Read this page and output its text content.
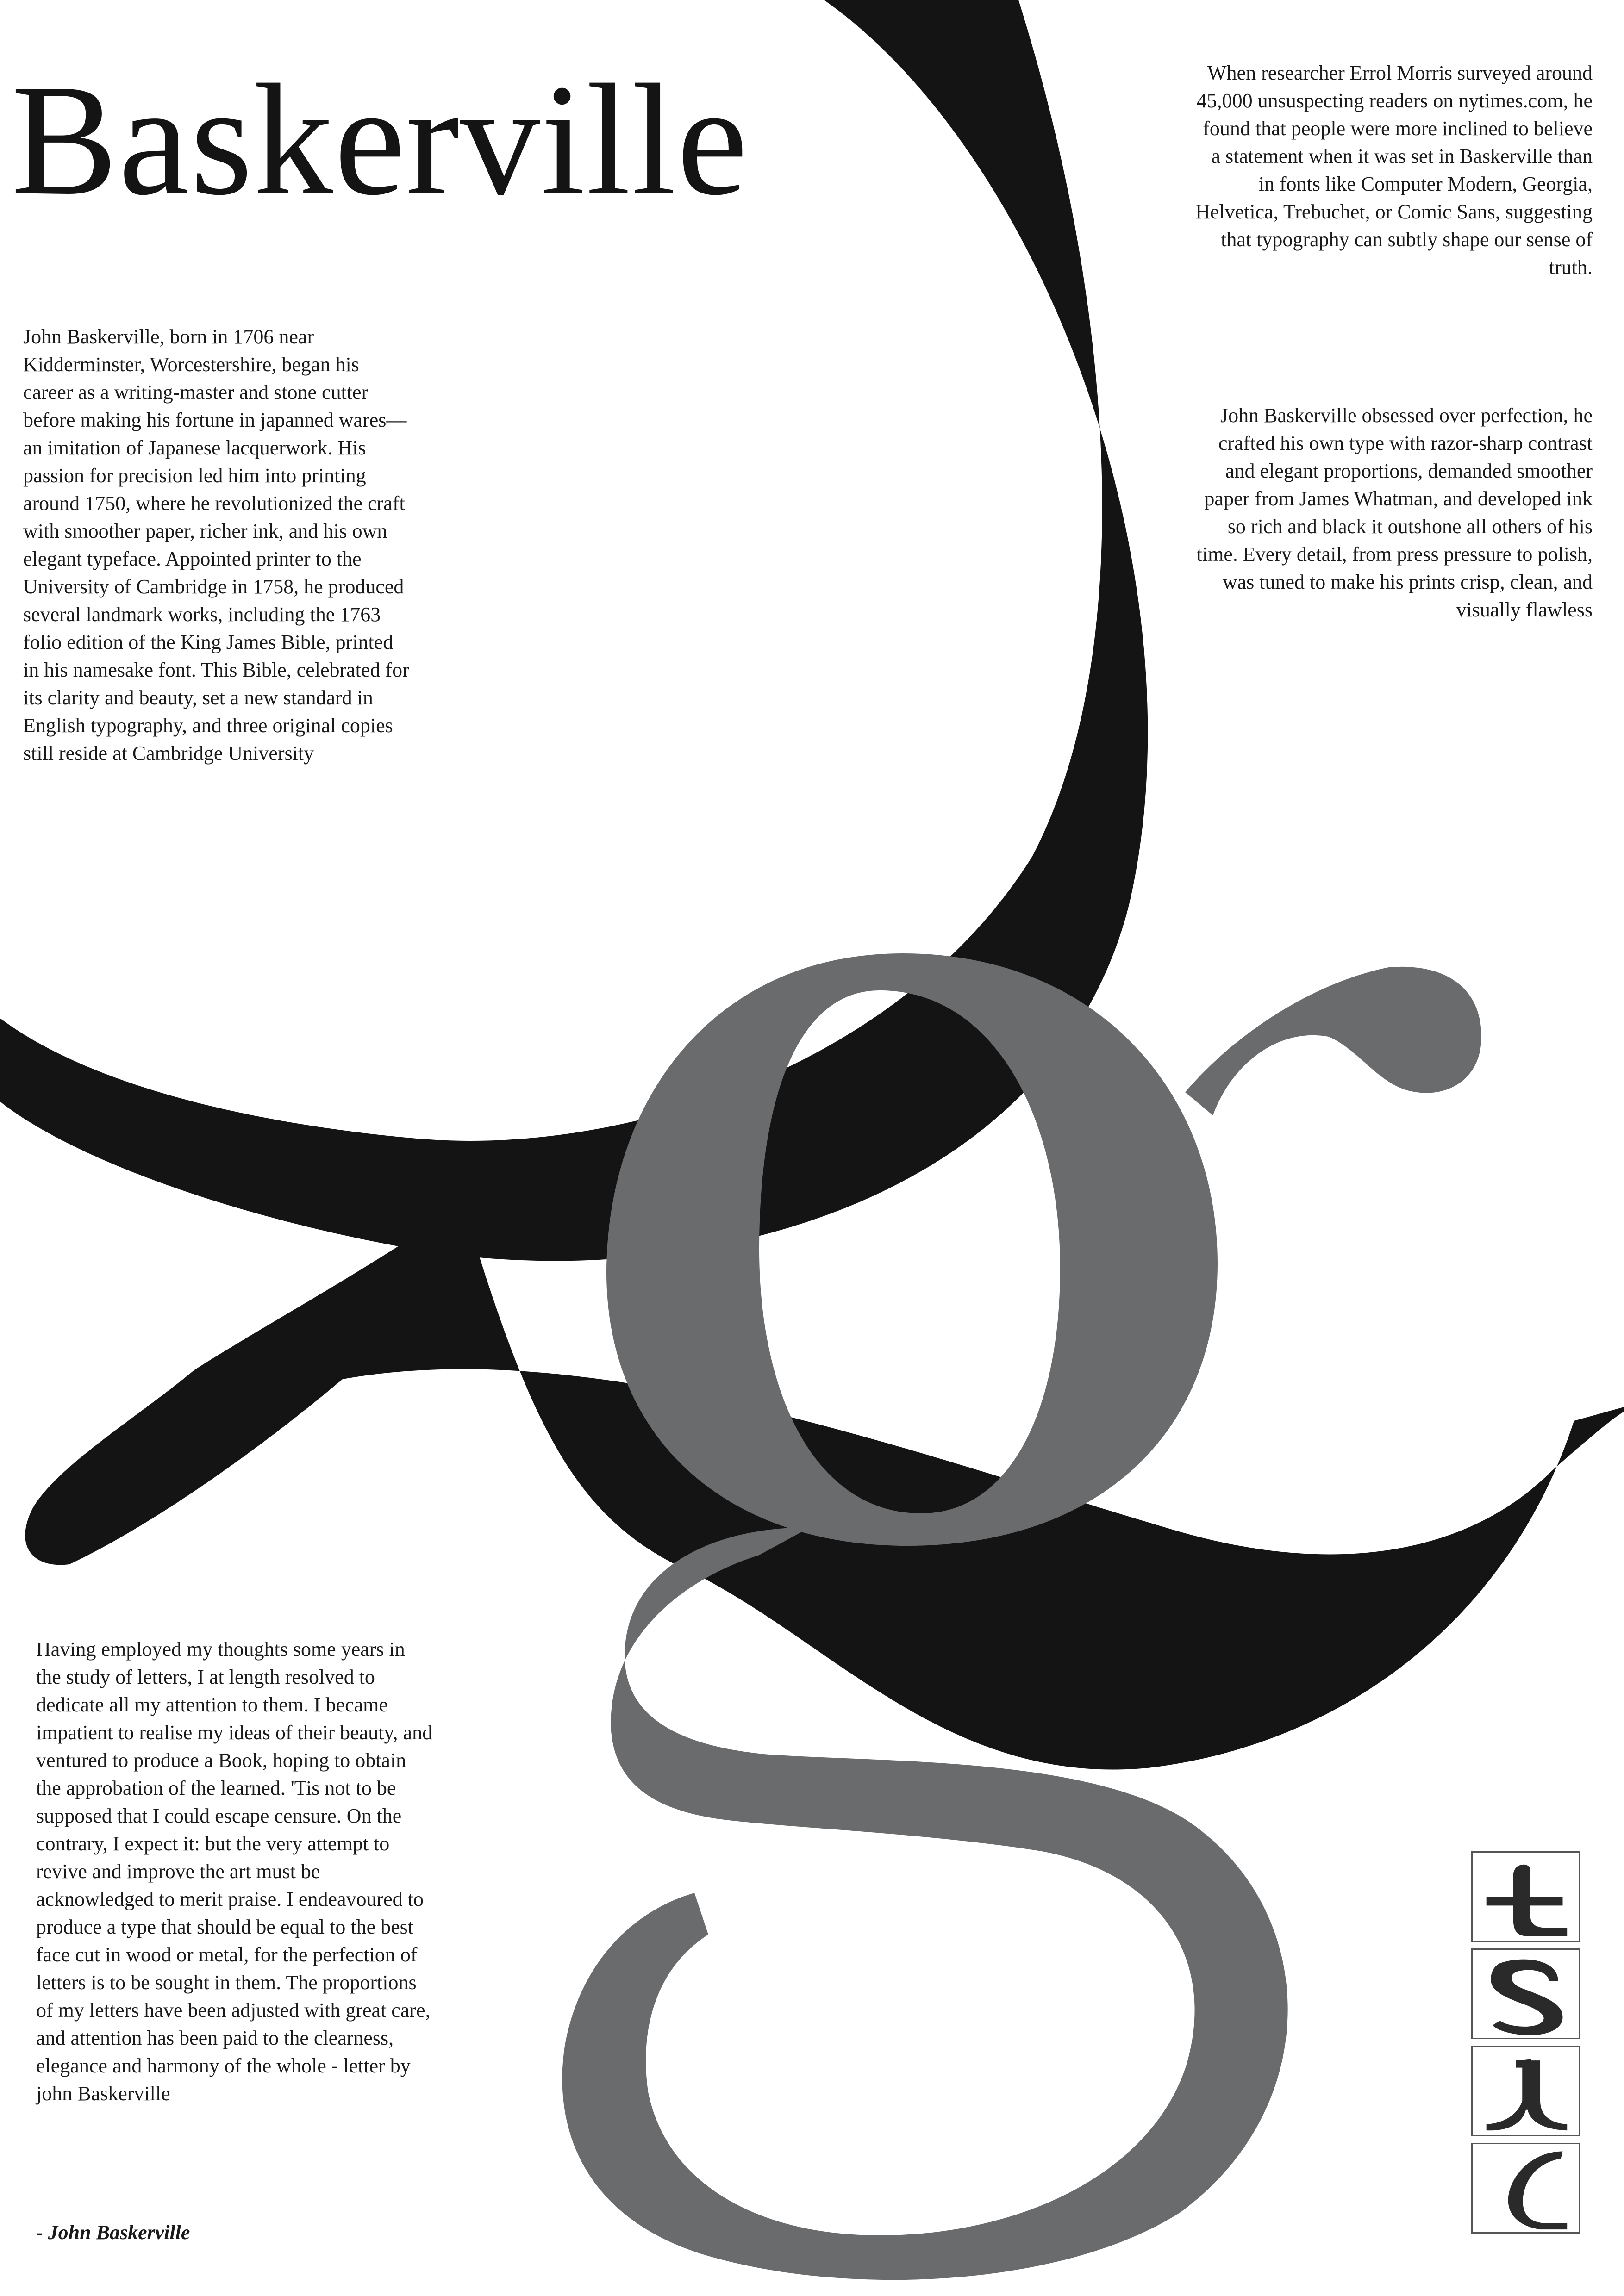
Baskerville

John Baskerville, born in 1706 near Kidderminster, Worcestershire, began his career as a writing-master and stone cutter before making his fortune in japanned wares—an imitation of Japanese lacquerwork. His passion for precision led him into printing around 1750, where he revolutionized the craft with smoother paper, richer ink, and his own elegant typeface. Appointed printer to the University of Cambridge in 1758, he produced several landmark works, including the 1763 folio edition of the King James Bible, printed in his namesake font. This Bible, celebrated for its clarity and beauty, set a new standard in English typography, and three original copies still reside at Cambridge University

When researcher Errol Morris surveyed around 45,000 unsuspecting readers on nytimes.com, he found that people were more inclined to believe a statement when it was set in Baskerville than in fonts like Computer Modern, Georgia, Helvetica, Trebuchet, or Comic Sans, suggesting that typography can subtly shape our sense of truth.

John Baskerville obsessed over perfection, he crafted his own type with razor-sharp contrast and elegant proportions, demanded smoother paper from James Whatman, and developed ink so rich and black it outshone all others of his time. Every detail, from press pressure to polish, was tuned to make his prints crisp, clean, and visually flawless

Having employed my thoughts some years in the study of letters, I at length resolved to dedicate all my attention to them. I became impatient to realise my ideas of their beauty, and ventured to produce a Book, hoping to obtain the approbation of the learned. 'Tis not to be supposed that I could escape censure. On the contrary, I expect it: but the very attempt to revive and improve the art must be acknowledged to merit praise. I endeavoured to produce a type that should be equal to the best face cut in wood or metal, for the perfection of letters is to be sought in them. The proportions of my letters have been adjusted with great care, and attention has been paid to the clearness, elegance and harmony of the whole - letter by john Baskerville

- John Baskerville
